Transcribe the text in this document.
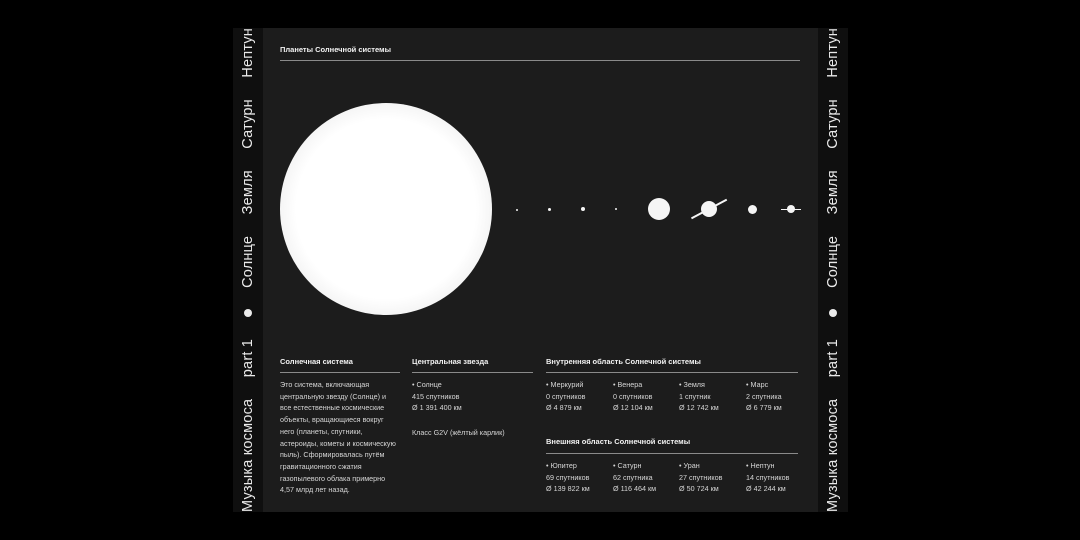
Музыка космоса
part 1
Солнце
Земля
Сатурн
Нептун
Музыка космоса
part 1
Солнце
Земля
Сатурн
Нептун
Планеты Солнечной системы
Солнечная система
Это система, включающая центральную звезду (Солнце) и все естественные космические объекты, вращающиеся вокруг него (планеты, спутники, астероиды, кометы и космическую пыль). Сформировалась путём гравитационного сжатия газопылевого облака примерно 4,57 млрд лет назад.
Центральная звезда
• Солнце
415 спутников
Ø 1 391 400 км
Класс G2V (жёлтый карлик)
Внутренняя область Солнечной системы
• Меркурий
0 спутников
Ø 4 879 км
• Венера
0 спутников
Ø 12 104 км
• Земля
1 спутник
Ø 12 742 км
• Марс
2 спутника
Ø 6 779 км
Внешняя область Солнечной системы
• Юпитер
69 спутников
Ø 139 822 км
• Сатурн
62 спутника
Ø 116 464 км
• Уран
27 спутников
Ø 50 724 км
• Нептун
14 спутников
Ø 42 244 км
